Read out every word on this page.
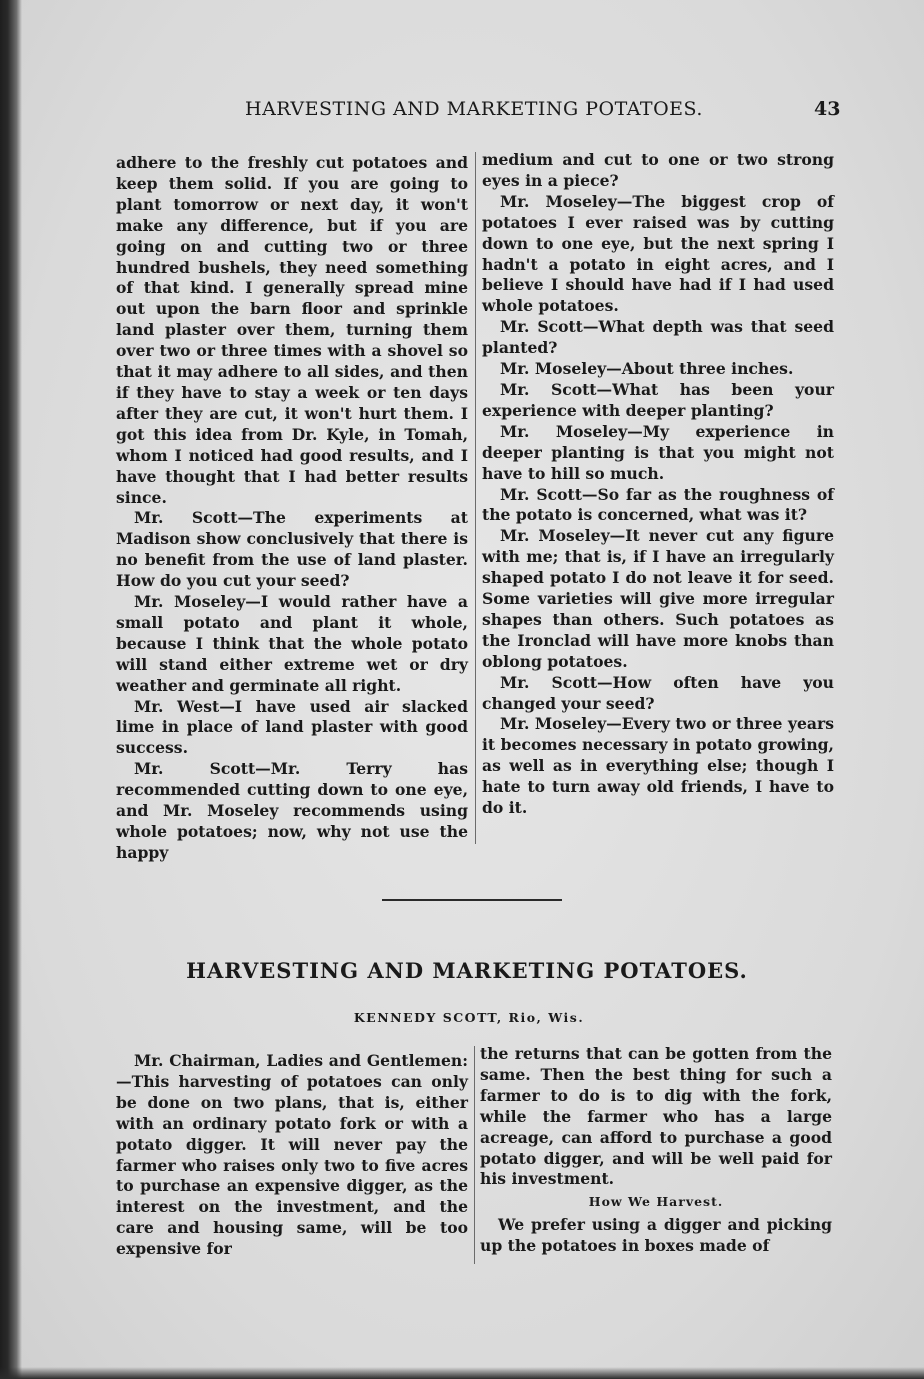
HARVESTING AND MARKETING POTATOES.	43

adhere to the freshly cut potatoes and keep them solid. If you are going to plant tomorrow or next day, it won't make any difference, but if you are going on and cutting two or three hundred bushels, they need something of that kind. I generally spread mine out upon the barn floor and sprinkle land plaster over them, turning them over two or three times with a shovel so that it may adhere to all sides, and then if they have to stay a week or ten days after they are cut, it won't hurt them. I got this idea from Dr. Kyle, in Tomah, whom I noticed had good results, and I have thought that I had better results since.

Mr. Scott—The experiments at Madison show conclusively that there is no benefit from the use of land plaster. How do you cut your seed?

Mr. Moseley—I would rather have a small potato and plant it whole, because I think that the whole potato will stand either extreme wet or dry weather and germinate all right.

Mr. West—I have used air slacked lime in place of land plaster with good success.

Mr. Scott—Mr. Terry has recommended cutting down to one eye, and Mr. Moseley recommends using whole potatoes; now, why not use the happy

medium and cut to one or two strong eyes in a piece?

Mr. Moseley—The biggest crop of potatoes I ever raised was by cutting down to one eye, but the next spring I hadn't a potato in eight acres, and I believe I should have had if I had used whole potatoes.

Mr. Scott—What depth was that seed planted?

Mr. Moseley—About three inches.

Mr. Scott—What has been your experience with deeper planting?

Mr. Moseley—My experience in deeper planting is that you might not have to hill so much.

Mr. Scott—So far as the roughness of the potato is concerned, what was it?

Mr. Moseley—It never cut any figure with me; that is, if I have an irregularly shaped potato I do not leave it for seed. Some varieties will give more irregular shapes than others. Such potatoes as the Ironclad will have more knobs than oblong potatoes.

Mr. Scott—How often have you changed your seed?

Mr. Moseley—Every two or three years it becomes necessary in potato growing, as well as in everything else; though I hate to turn away old friends, I have to do it.

HARVESTING AND MARKETING POTATOES.
KENNEDY SCOTT, Rio, Wis.

Mr. Chairman, Ladies and Gentlemen:—This harvesting of potatoes can only be done on two plans, that is, either with an ordinary potato fork or with a potato digger. It will never pay the farmer who raises only two to five acres to purchase an expensive digger, as the interest on the investment, and the care and housing same, will be too expensive for

the returns that can be gotten from the same. Then the best thing for such a farmer to do is to dig with the fork, while the farmer who has a large acreage, can afford to purchase a good potato digger, and will be well paid for his investment.

How We Harvest.

We prefer using a digger and picking up the potatoes in boxes made of
